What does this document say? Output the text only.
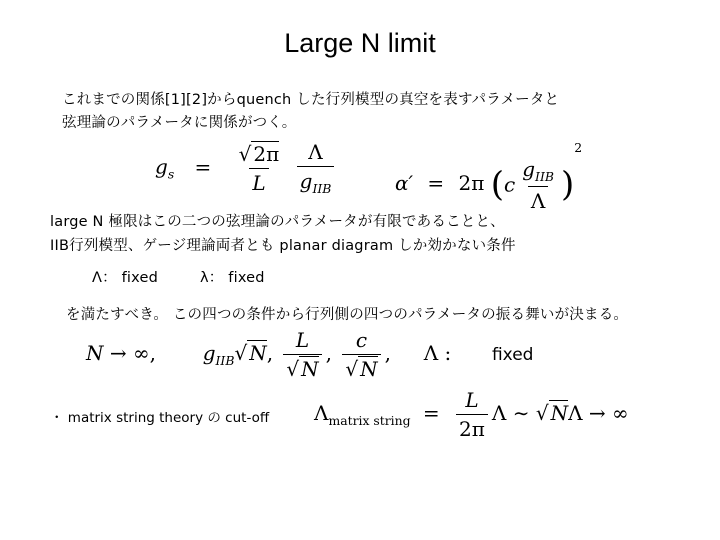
Large N limit
これまでの関係[1][2]からquench した行列模型の真空を表すパラメータと
弦理論のパラメータに関係がつく。
$g_s = \frac{√ 2\pi}{L}$
$\frac{\Lambda}{g_{IIB}}$	α′ = 2π $(c \frac{g_{IIB}}{\Lambda} )^2$
large N 極限はこの二つの弦理論のパラメータが有限であることと、
IIB行列模型、ゲージ理論両者とも planar diagram しか効かない条件
Λ： fixed	λ： fixed
を満たすべき。 この四つの条件から行列側の四つのパラメータの振る舞いが決まる。
N → ∞,  $g_{IIB}√$ N, $\frac{L}{√ N}$ , $\frac{c}{√ N}$ ,  Λ : fixed
・ matrix string theory の cut-off $\Lambda_{matrix string} = \frac{L}{2\pi}$ Λ ∼ √ NΛ → ∞
